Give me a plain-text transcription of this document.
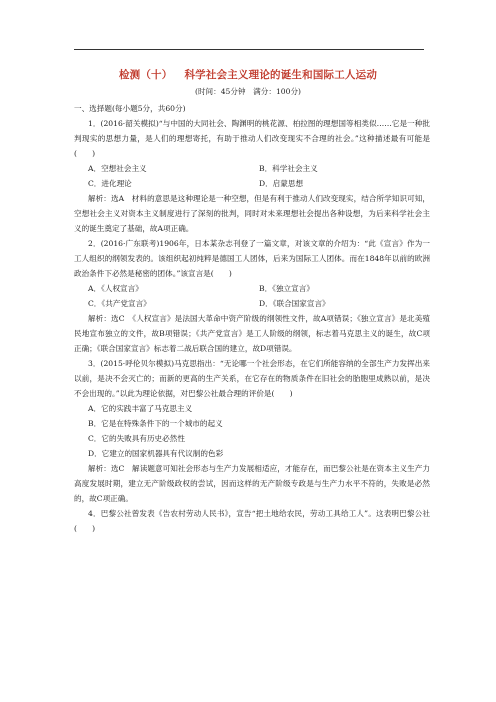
检测（十） 科学社会主义理论的诞生和国际工人运动
(时间：45分钟　满分：100分)

一、选择题(每小题5分，共60分)

1．(2016·韶关模拟)“与中国的大同社会、陶渊明的桃花源、柏拉图的理想国等相类似……它是一种批判现实的思想力量，是人们的理想寄托，有助于推动人们改变现实不合理的社会。”这种描述最有可能是(　　)

A．空想社会主义	B．科学社会主义
C．进化理论	D．启蒙思想

解析：选A　材料的意思是这种理论是一种空想，但是有利于推动人们改变现实，结合所学知识可知，空想社会主义对资本主义制度进行了深刻的批判，同时对未来理想社会提出各种设想，为后来科学社会主义的诞生奠定了基础，故A项正确。

2．(2016·广东联考)1906年，日本某杂志刊登了一篇文章，对该文章的介绍为：“此《宣言》作为一工人组织的纲领发表的。该组织起初纯粹是德国工人团体，后来为国际工人团体。而在1848年以前的欧洲政治条件下必然是秘密的团体。”该宣言是(　　)

A．《人权宣言》	B．《独立宣言》
C．《共产党宣言》	D．《联合国家宣言》

解析：选C　《人权宣言》是法国大革命中资产阶级的纲领性文件，故A项错误；《独立宣言》是北美殖民地宣布独立的文件，故B项错误；《共产党宣言》是工人阶级的纲领，标志着马克思主义的诞生，故C项正确；《联合国家宣言》标志着二战后联合国的建立，故D项错误。

3．(2015·呼伦贝尔模拟)马克思指出：“无论哪一个社会形态，在它们所能容纳的全部生产力发挥出来以前，是决不会灭亡的；而新的更高的生产关系，在它存在的物质条件在旧社会的胎胞里成熟以前，是决不会出现的。”以此为理论依据，对巴黎公社最合理的评价是(　　)

A．它的实践丰富了马克思主义

B．它是在特殊条件下的一个城市的起义

C．它的失败具有历史必然性

D．它建立的国家机器具有代议制的色彩

解析：选C　解读题意可知社会形态与生产力发展相适应，才能存在，而巴黎公社是在资本主义生产力高度发展时期，建立无产阶级政权的尝试，因而这样的无产阶级专政是与生产力水平不符的，失败是必然的，故C项正确。

4．巴黎公社曾发表《告农村劳动人民书》，宣告“把土地给农民，劳动工具给工人”。这表明巴黎公社(　　)
